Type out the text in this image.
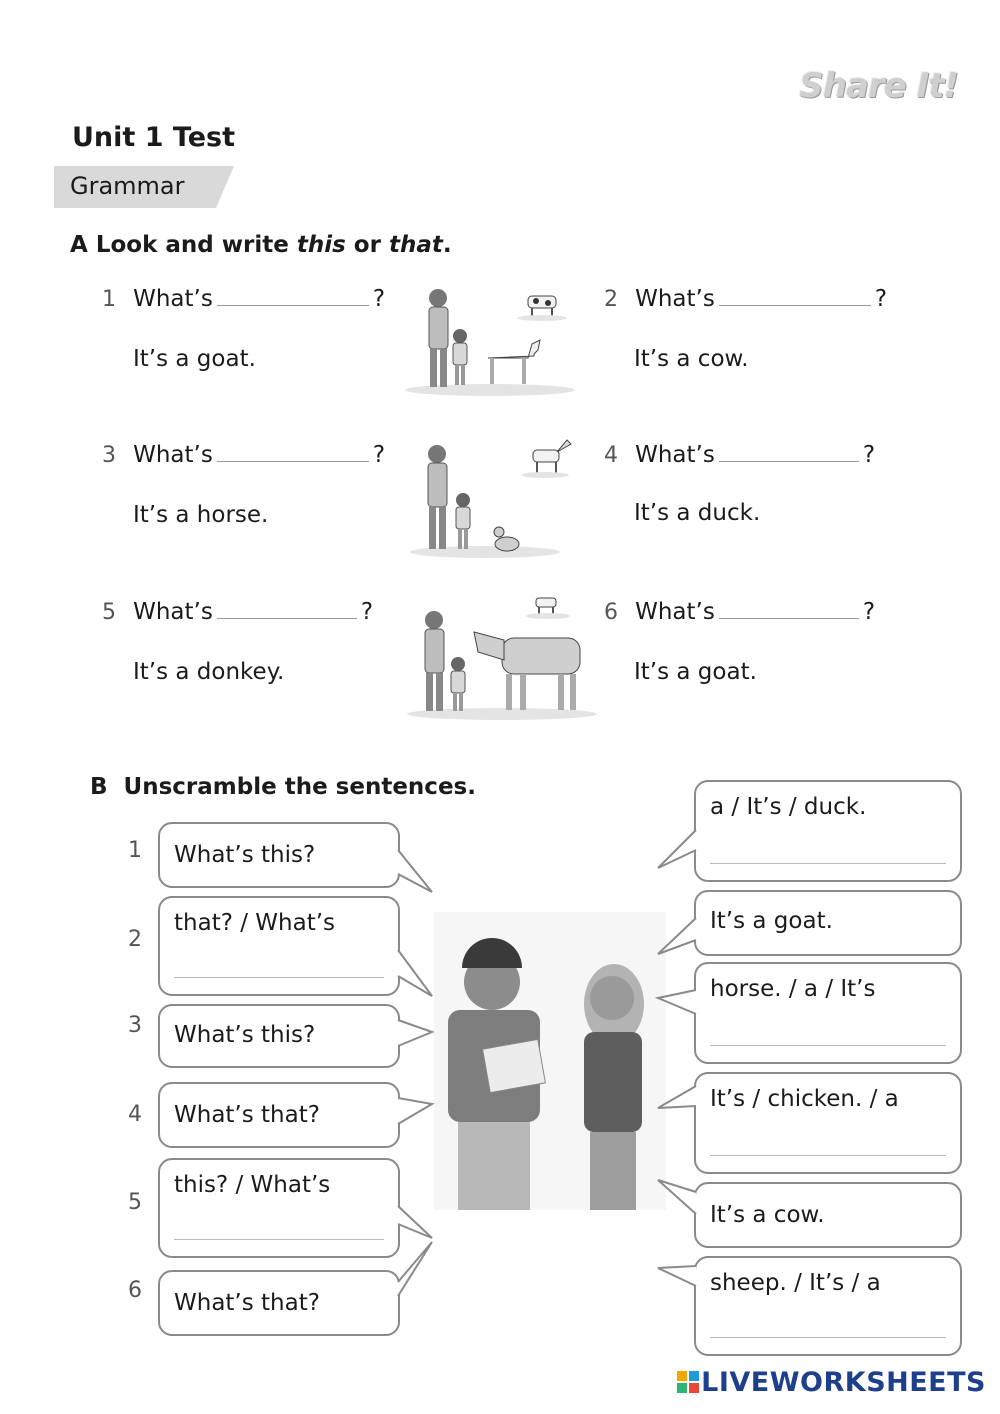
Share It!
Unit 1 Test
Grammar
A Look and write this or that.
1 What’s	?
It’s a goat.
2 What’s	?
It’s a cow.
3 What’s	?
It’s a horse.
4 What’s	?
It’s a duck.
5 What’s	?
It’s a donkey.
6 What’s	?
It’s a goat.
B Unscramble the sentences.
1
2
3
4
5
6
What’s this?
that? / What’s
What’s this?
What’s that?
this? / What’s
What’s that?
a / It’s / duck.
It’s a goat.
horse. / a / It’s
It’s / chicken. / a
It’s a cow.
sheep. / It’s / a
LIVEWORKSHEETS
